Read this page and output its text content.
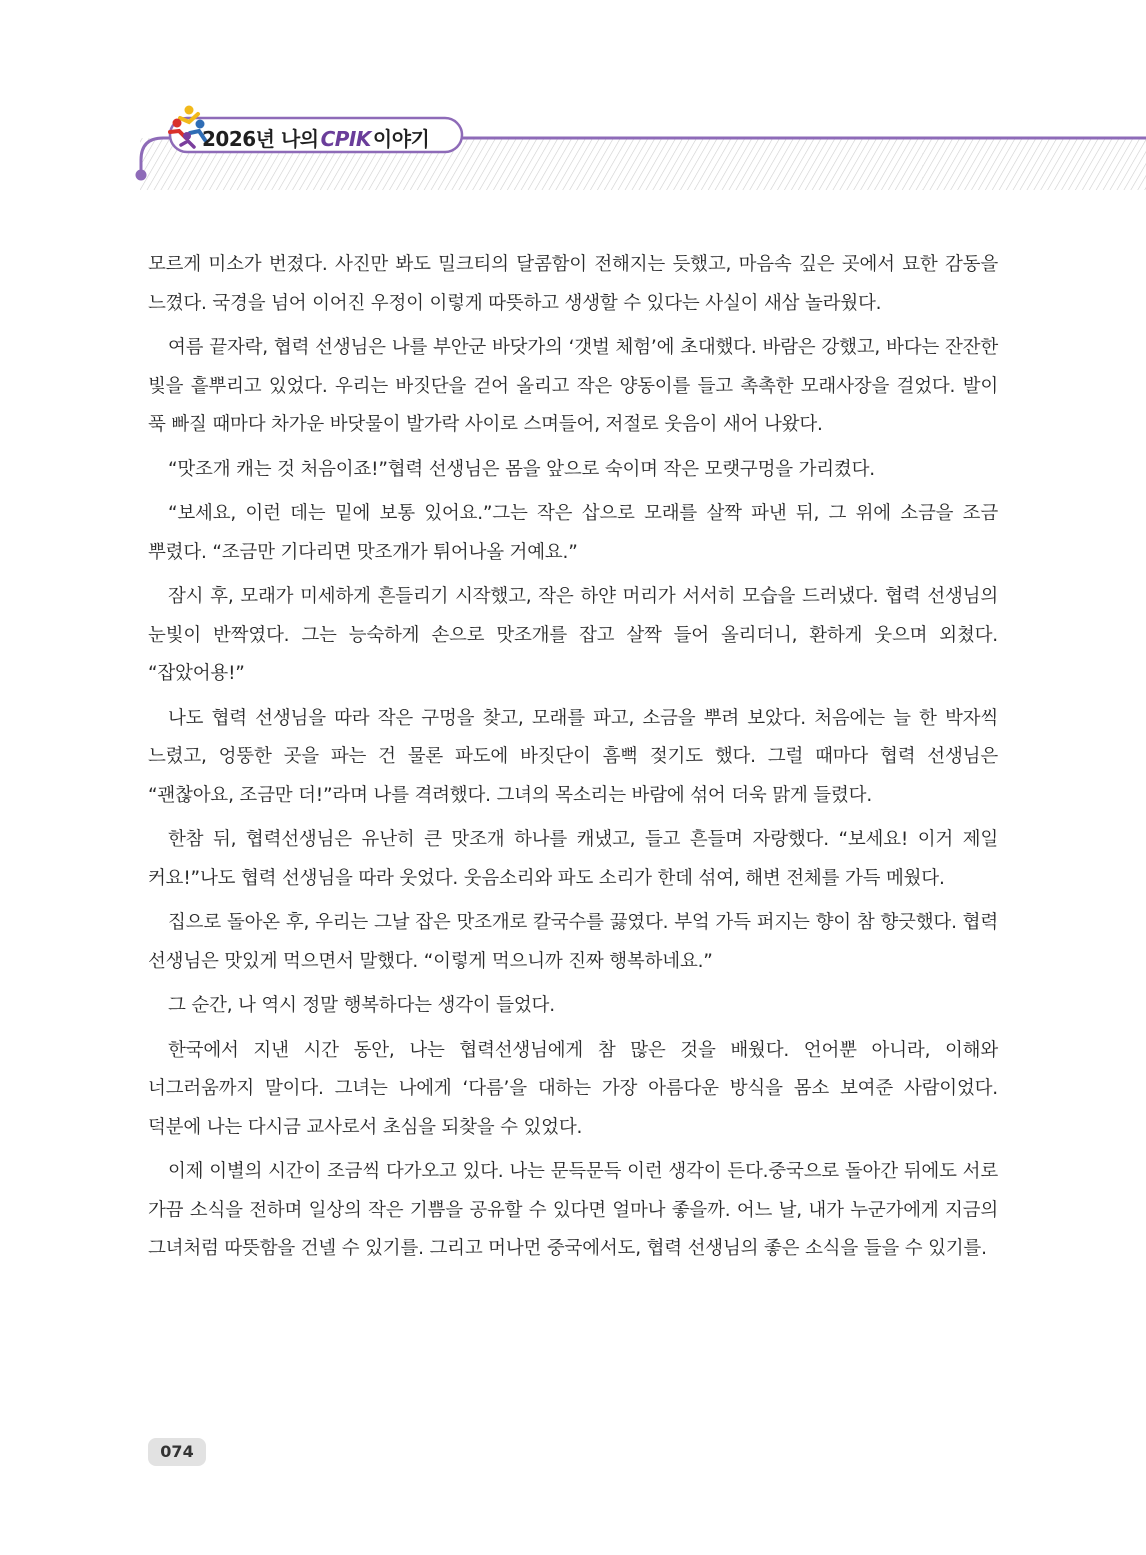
2026년 나의 CPIK 이야기

모르게 미소가 번졌다. 사진만 봐도 밀크티의 달콤함이 전해지는 듯했고, 마음속 깊은 곳에서 묘한 감동을 느꼈다. 국경을 넘어 이어진 우정이 이렇게 따뜻하고 생생할 수 있다는 사실이 새삼 놀라웠다.

여름 끝자락, 협력 선생님은 나를 부안군 바닷가의 ‘갯벌 체험’에 초대했다. 바람은 강했고, 바다는 잔잔한 빛을 흩뿌리고 있었다. 우리는 바짓단을 걷어 올리고 작은 양동이를 들고 촉촉한 모래사장을 걸었다. 발이 푹 빠질 때마다 차가운 바닷물이 발가락 사이로 스며들어, 저절로 웃음이 새어 나왔다.

“맛조개 캐는 것 처음이죠!”협력 선생님은 몸을 앞으로 숙이며 작은 모랫구멍을 가리켰다.

“보세요, 이런 데는 밑에 보통 있어요.”그는 작은 삽으로 모래를 살짝 파낸 뒤, 그 위에 소금을 조금 뿌렸다. “조금만 기다리면 맛조개가 튀어나올 거예요.”

잠시 후, 모래가 미세하게 흔들리기 시작했고, 작은 하얀 머리가 서서히 모습을 드러냈다. 협력 선생님의 눈빛이 반짝였다. 그는 능숙하게 손으로 맛조개를 잡고 살짝 들어 올리더니, 환하게 웃으며 외쳤다. “잡았어용!”

나도 협력 선생님을 따라 작은 구멍을 찾고, 모래를 파고, 소금을 뿌려 보았다. 처음에는 늘 한 박자씩 느렸고, 엉뚱한 곳을 파는 건 물론 파도에 바짓단이 흠뻑 젖기도 했다. 그럴 때마다 협력 선생님은 “괜찮아요, 조금만 더!”라며 나를 격려했다. 그녀의 목소리는 바람에 섞어 더욱 맑게 들렸다.

한참 뒤, 협력선생님은 유난히 큰 맛조개 하나를 캐냈고, 들고 흔들며 자랑했다. “보세요! 이거 제일 커요!”나도 협력 선생님을 따라 웃었다. 웃음소리와 파도 소리가 한데 섞여, 해변 전체를 가득 메웠다.

집으로 돌아온 후, 우리는 그날 잡은 맛조개로 칼국수를 끓였다. 부엌 가득 퍼지는 향이 참 향긋했다. 협력 선생님은 맛있게 먹으면서 말했다. “이렇게 먹으니까 진짜 행복하네요.”

그 순간, 나 역시 정말 행복하다는 생각이 들었다.

한국에서 지낸 시간 동안, 나는 협력선생님에게 참 많은 것을 배웠다. 언어뿐 아니라, 이해와 너그러움까지 말이다. 그녀는 나에게 ‘다름’을 대하는 가장 아름다운 방식을 몸소 보여준 사람이었다. 덕분에 나는 다시금 교사로서 초심을 되찾을 수 있었다.

이제 이별의 시간이 조금씩 다가오고 있다. 나는 문득문득 이런 생각이 든다.중국으로 돌아간 뒤에도 서로 가끔 소식을 전하며 일상의 작은 기쁨을 공유할 수 있다면 얼마나 좋을까. 어느 날, 내가 누군가에게 지금의 그녀처럼 따뜻함을 건넬 수 있기를. 그리고 머나먼 중국에서도, 협력 선생님의 좋은 소식을 들을 수 있기를.

074
